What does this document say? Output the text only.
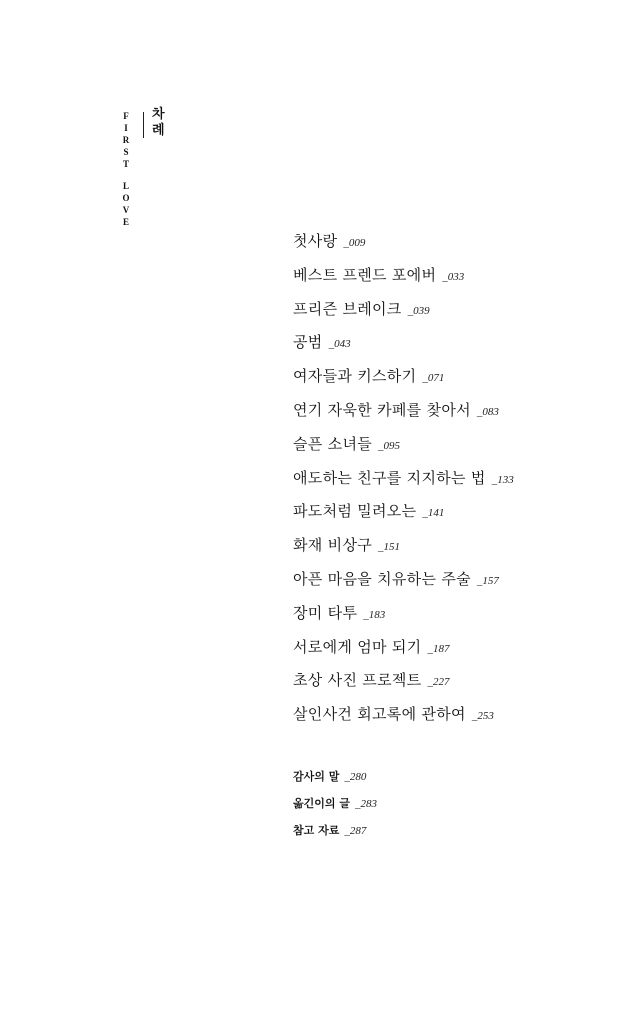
F
I
R
S
T
L
O
V
E
차
례
첫사랑 _009
베스트 프렌드 포에버 _033
프리즌 브레이크 _039
공범 _043
여자들과 키스하기 _071
연기 자욱한 카페를 찾아서 _083
슬픈 소녀들 _095
애도하는 친구를 지지하는 법 _133
파도처럼 밀려오는 _141
화재 비상구 _151
아픈 마음을 치유하는 주술 _157
장미 타투 _183
서로에게 엄마 되기 _187
초상 사진 프로젝트 _227
살인사건 회고록에 관하여 _253
감사의 말 _280
옮긴이의 글 _283
참고 자료 _287
